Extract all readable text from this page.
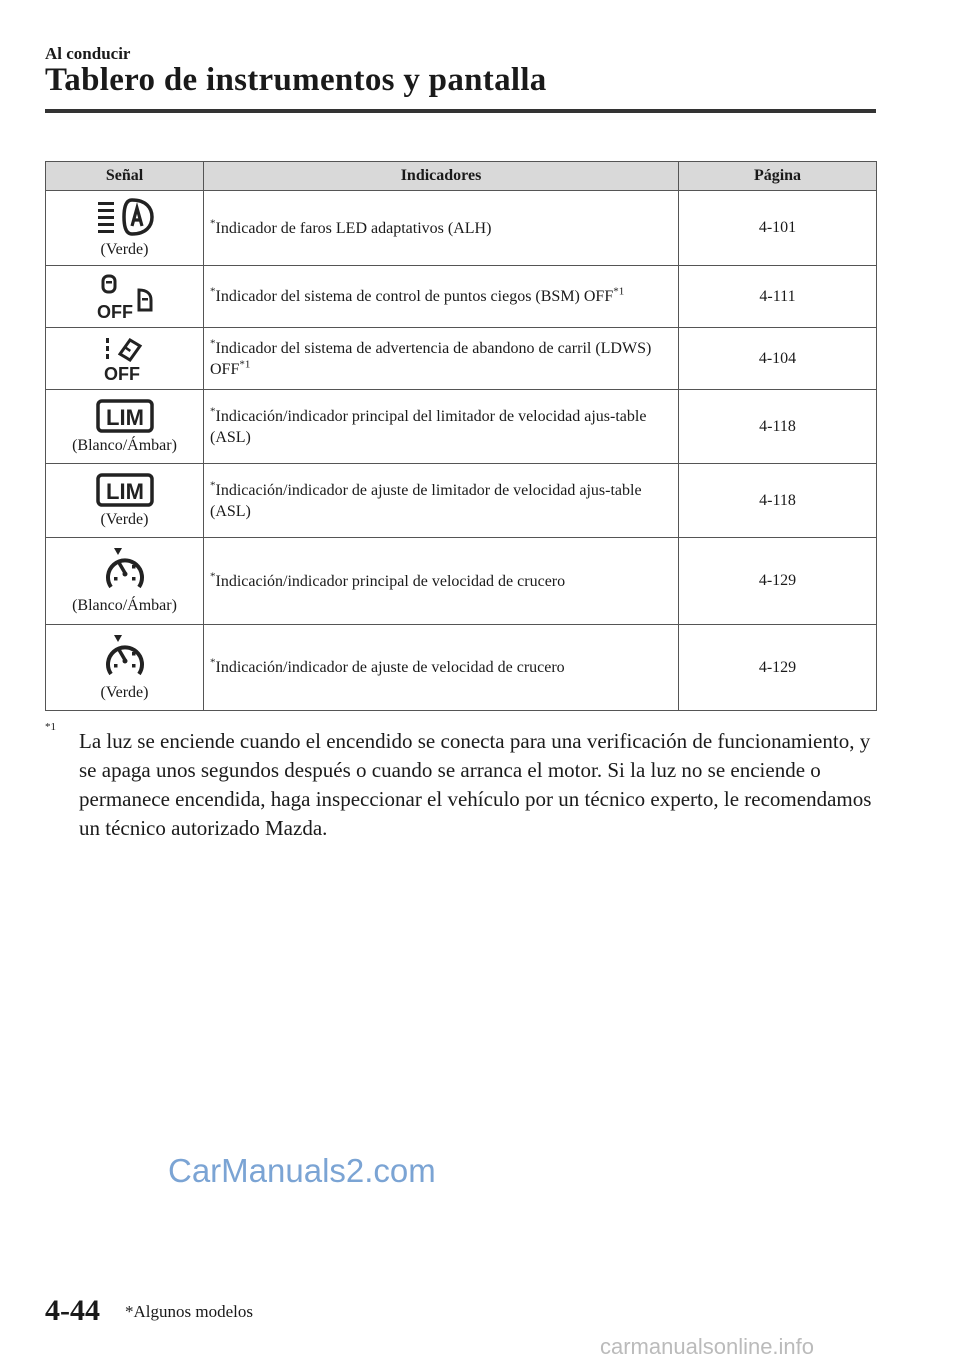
Al conducir
Tablero de instrumentos y pantalla
Señal	Indicadores	Página

(Verde)	*Indicador de faros LED adaptativos (ALH)	4-101

OFF	*Indicador del sistema de control de puntos ciegos (BSM) OFF$^{*1}$	4-111

OFF	*Indicador del sistema de advertencia de abandono de carril (LDWS) OFF$^{*1}$	4-104

LIM
(Blanco/Ámbar)	*Indicación/indicador principal del limitador de velocidad ajus-table (ASL)	4-118

LIM
(Verde)	*Indicación/indicador de ajuste de limitador de velocidad ajus-table (ASL)	4-118

(Blanco/Ámbar)	*Indicación/indicador principal de velocidad de crucero	4-129

(Verde)	*Indicación/indicador de ajuste de velocidad de crucero	4-129
*1
La luz se enciende cuando el encendido se conecta para una verificación de funcionamiento, y se apaga unos segundos después o cuando se arranca el motor. Si la luz no se enciende o permanece encendida, haga inspeccionar el vehículo por un técnico experto, le recomendamos un técnico autorizado Mazda.
CarManuals2.com
4-44 *Algunos modelos
carmanualsonline.info
